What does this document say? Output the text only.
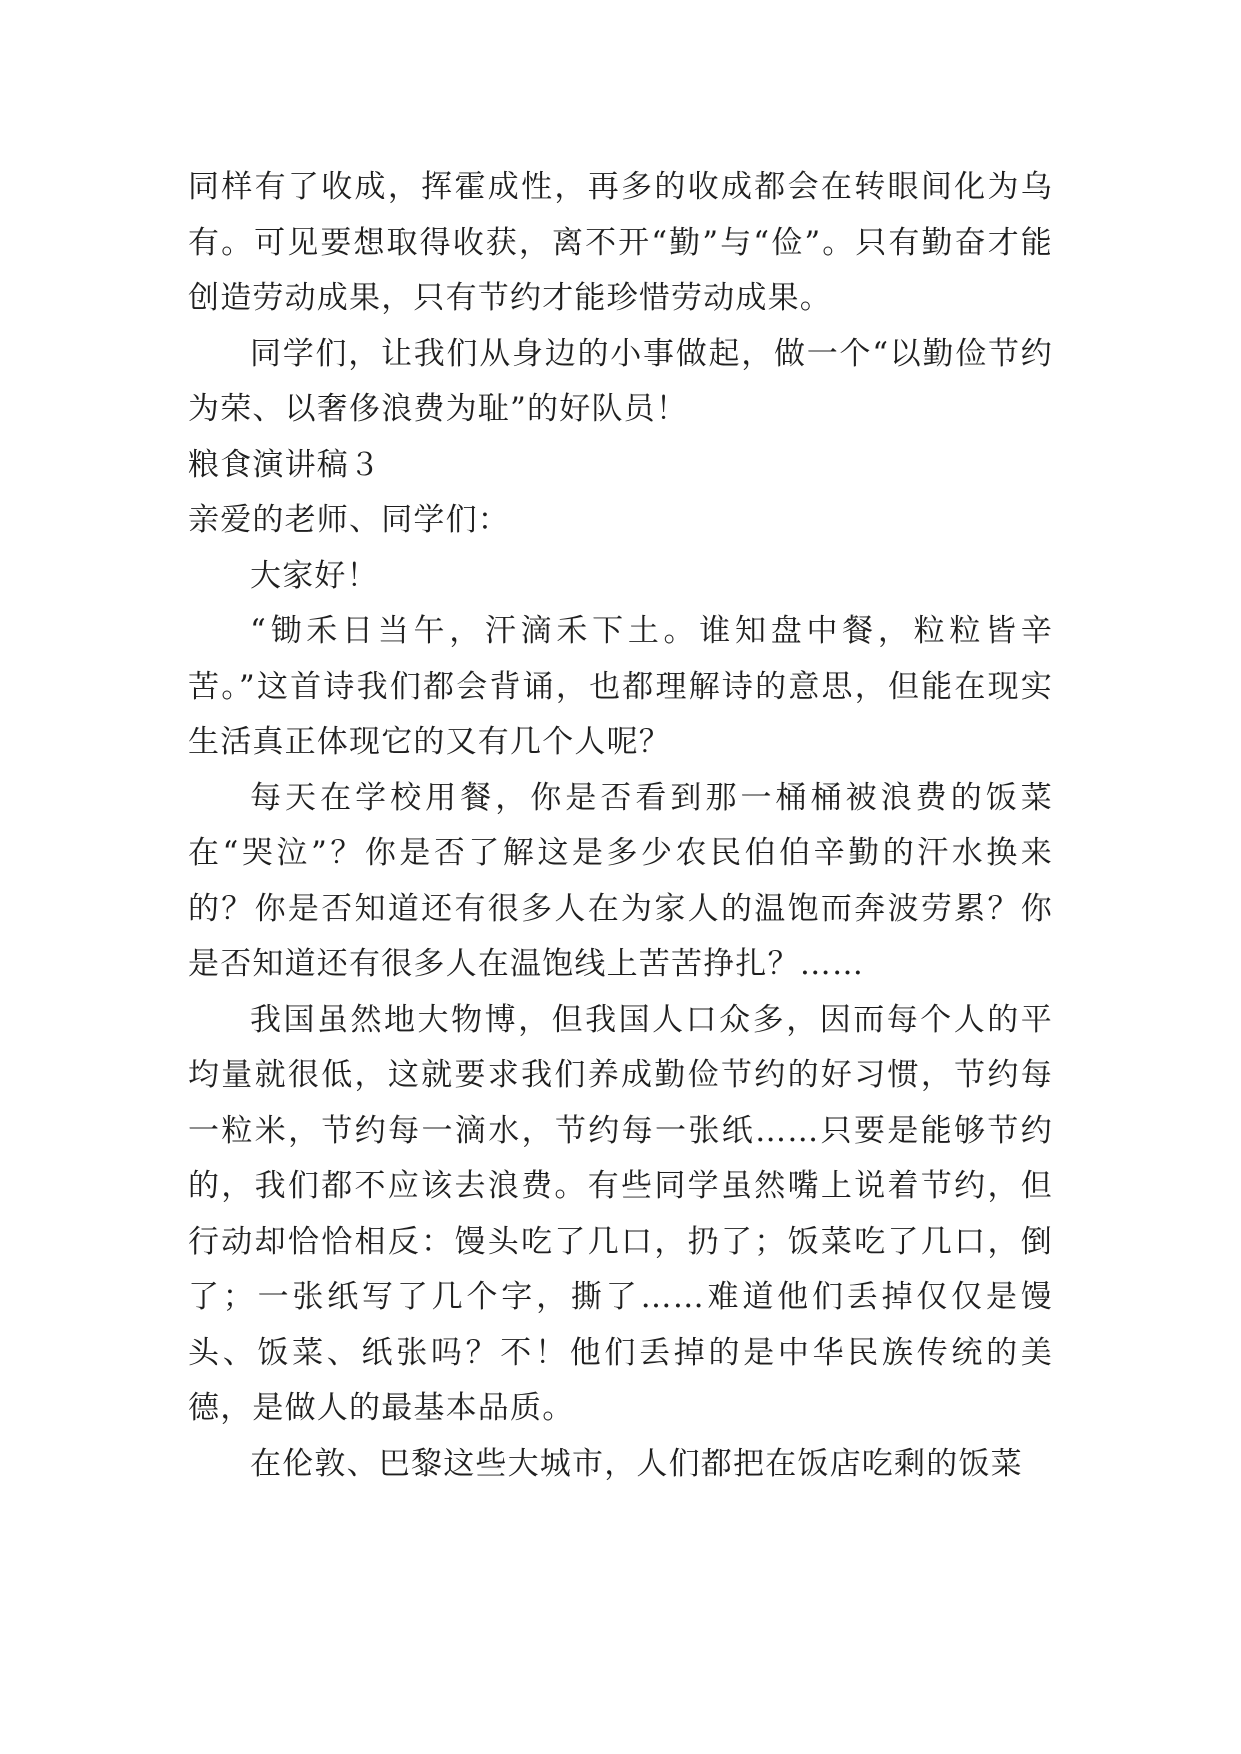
同样有了收成，挥霍成性，再多的收成都会在转眼间化为乌有。可见要想取得收获，离不开“勤”与“俭”。只有勤奋才能创造劳动成果，只有节约才能珍惜劳动成果。

同学们，让我们从身边的小事做起，做一个“以勤俭节约为荣、以奢侈浪费为耻”的好队员！

粮食演讲稿３

亲爱的老师、同学们：

大家好！

“锄禾日当午，汗滴禾下土。谁知盘中餐，粒粒皆辛苦。”这首诗我们都会背诵，也都理解诗的意思，但能在现实生活真正体现它的又有几个人呢？

每天在学校用餐，你是否看到那一桶桶被浪费的饭菜在“哭泣”？你是否了解这是多少农民伯伯辛勤的汗水换来的？你是否知道还有很多人在为家人的温饱而奔波劳累？你是否知道还有很多人在温饱线上苦苦挣扎？……

我国虽然地大物博，但我国人口众多，因而每个人的平均量就很低，这就要求我们养成勤俭节约的好习惯，节约每一粒米，节约每一滴水，节约每一张纸……只要是能够节约的，我们都不应该去浪费。有些同学虽然嘴上说着节约，但行动却恰恰相反：馒头吃了几口，扔了；饭菜吃了几口，倒了；一张纸写了几个字，撕了……难道他们丢掉仅仅是馒头、饭菜、纸张吗？不！他们丢掉的是中华民族传统的美德，是做人的最基本品质。

在伦敦、巴黎这些大城市，人们都把在饭店吃剩的饭菜
